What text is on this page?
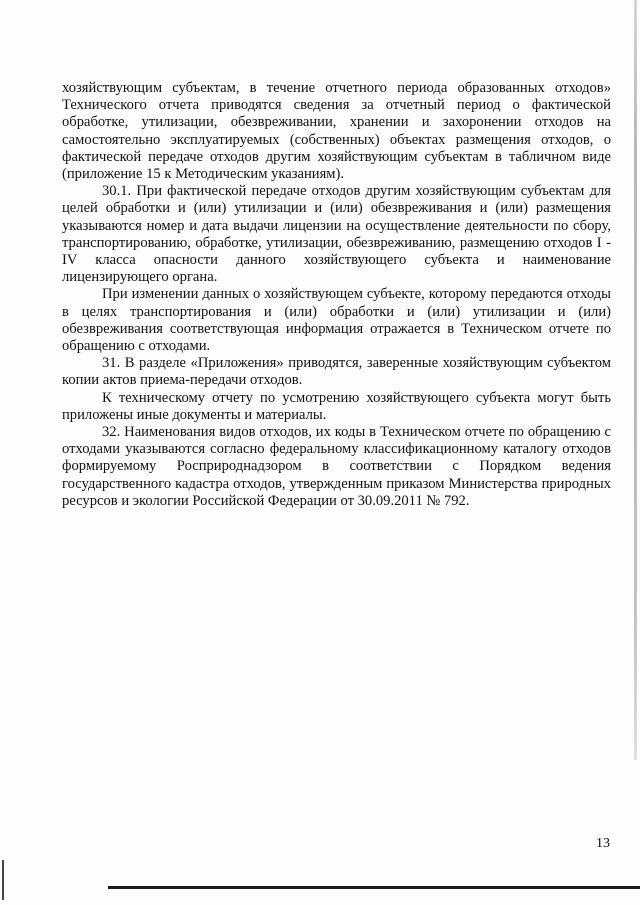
хозяйствующим субъектам, в течение отчетного периода образованных отходов» Технического отчета приводятся сведения за отчетный период о фактической обработке, утилизации, обезвреживании, хранении и захоронении отходов на самостоятельно эксплуатируемых (собственных) объектах размещения отходов, о фактической передаче отходов другим хозяйствующим субъектам в табличном виде (приложение 15 к Методическим указаниям).

30.1. При фактической передаче отходов другим хозяйствующим субъектам для целей обработки и (или) утилизации и (или) обезвреживания и (или) размещения указываются номер и дата выдачи лицензии на осуществление деятельности по сбору, транспортированию, обработке, утилизации, обезвреживанию, размещению отходов I - IV класса опасности данного хозяйствующего субъекта и наименование лицензирующего органа.

При изменении данных о хозяйствующем субъекте, которому передаются отходы в целях транспортирования и (или) обработки и (или) утилизации и (или) обезвреживания соответствующая информация отражается в Техническом отчете по обращению с отходами.

31. В разделе «Приложения» приводятся, заверенные хозяйствующим субъектом копии актов приема-передачи отходов.

К техническому отчету по усмотрению хозяйствующего субъекта могут быть приложены иные документы и материалы.

32. Наименования видов отходов, их коды в Техническом отчете по обращению с отходами указываются согласно федеральному классификационному каталогу отходов формируемому Росприроднадзором в соответствии с Порядком ведения государственного кадастра отходов, утвержденным приказом Министерства природных ресурсов и экологии Российской Федерации от 30.09.2011 № 792.

13
